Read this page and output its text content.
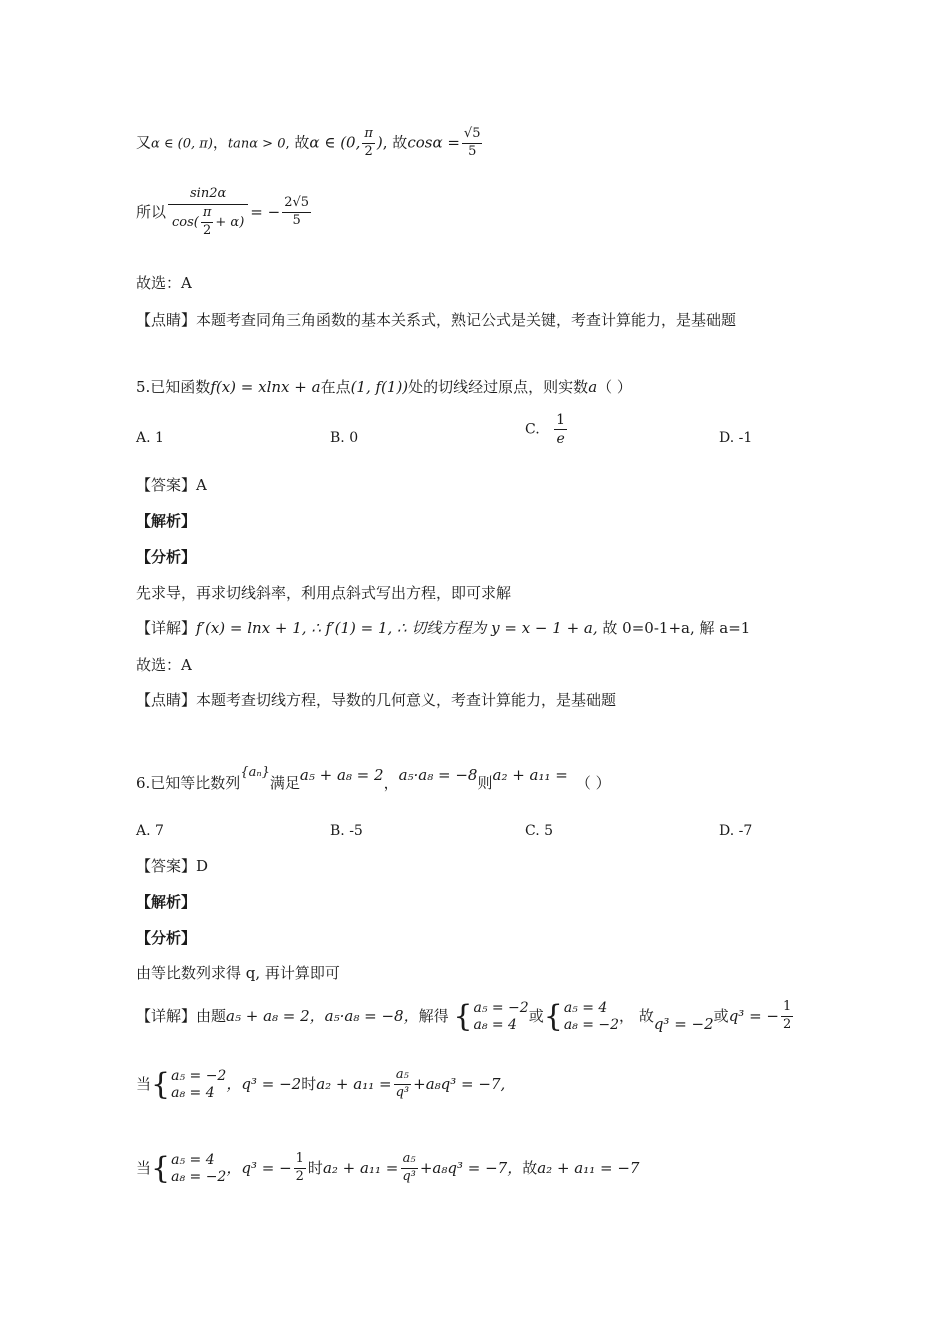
又α ∈ (0, π)，tanα > 0, 故α ∈ (0, $\frac{\pi}{2}$ ), 故$\cos\alpha = \frac{√5}{5}$
所以 $\frac{\sin 2\alpha}{\cos( \frac{\pi}{2} + \alpha)}$ = − $\frac{2√5}{5}$
故选：A
【点睛】本题考查同角三角函数的基本关系式，熟记公式是关键，考查计算能力，是基础题
5.已知函数f(x) = xlnx + a在点(1, f(1))处的切线经过原点，则实数a（ ）
A. 1	B. 0
C. $\frac{1}{e}$	D. -1
【答案】A
【解析】
【分析】
先求导，再求切线斜率，利用点斜式写出方程，即可求解
【详解】f′(x) = lnx + 1, ∴ f′(1) = 1, ∴ 切线方程为 y = x − 1 + a, 故 0=0-1+a, 解 a=1
故选：A
【点睛】本题考查切线方程，导数的几何意义，考查计算能力，是基础题
6.已知等比数列{aₙ}满足a₅ + a₈ = 2，a₅·a₈ = −8则a₂ + a₁₁ = （ ）
A. 7	B. -5	C. 5	D. -7
【答案】D
【解析】
【分析】
由等比数列求得 q, 再计算即可
【详解】由题a₅ + a₈ = 2，a₅·a₈ = −8，解得 { a₅ = −2
a₈ = 4 或 { a₅ = 4
a₈ = −2 ， 故q³ = −2或q³ = − $\frac{1}{2}$
当 { a₅ = −2
a₈ = 4 ，q³ = −2时$a_2 + a_{11} = \frac{\text{a₅}}{\text{q³}} +a_8q^3 = -7$,
当 { a₅ = 4
a₈ = −2 ，q³ = − $\frac{1}{2}$ 时$a_2 + a_{11} = \frac{\text{a₅}}{\text{q³}} +a_8q^3 = -7$，故a₂ + a₁₁ = −7
